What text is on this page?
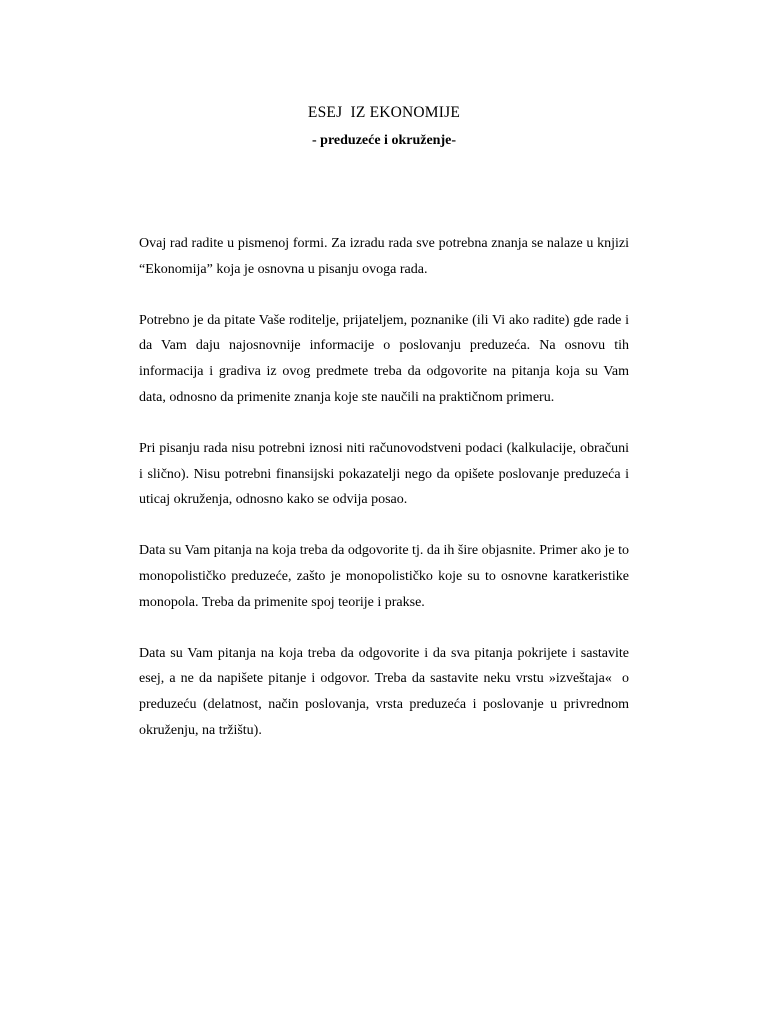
ESEJ  IZ EKONOMIJE
- preduzeće i okruženje-

Ovaj rad radite u pismenoj formi. Za izradu rada sve potrebna znanja se nalaze u knjizi “Ekonomija” koja je osnovna u pisanju ovoga rada.

Potrebno je da pitate Vaše roditelje, prijateljem, poznanike (ili Vi ako radite) gde rade i da Vam daju najosnovnije informacije o poslovanju preduzeća. Na osnovu tih informacija i gradiva iz ovog predmete treba da odgovorite na pitanja koja su Vam data, odnosno da primenite znanja koje ste naučili na praktičnom primeru.

Pri pisanju rada nisu potrebni iznosi niti računovodstveni podaci (kalkulacije, obračuni i slično). Nisu potrebni finansijski pokazatelji nego da opišete poslovanje preduzeća i uticaj okruženja, odnosno kako se odvija posao.

Data su Vam pitanja na koja treba da odgovorite tj. da ih šire objasnite. Primer ako je to monopolističko preduzeće, zašto je monopolističko koje su to osnovne karatkeristike monopola. Treba da primenite spoj teorije i prakse.

Data su Vam pitanja na koja treba da odgovorite i da sva pitanja pokrijete i sastavite esej, a ne da napišete pitanje i odgovor. Treba da sastavite neku vrstu »izveštaja«  o preduzeću (delatnost, način poslovanja, vrsta preduzeća i poslovanje u privrednom okruženju, na tržištu).
